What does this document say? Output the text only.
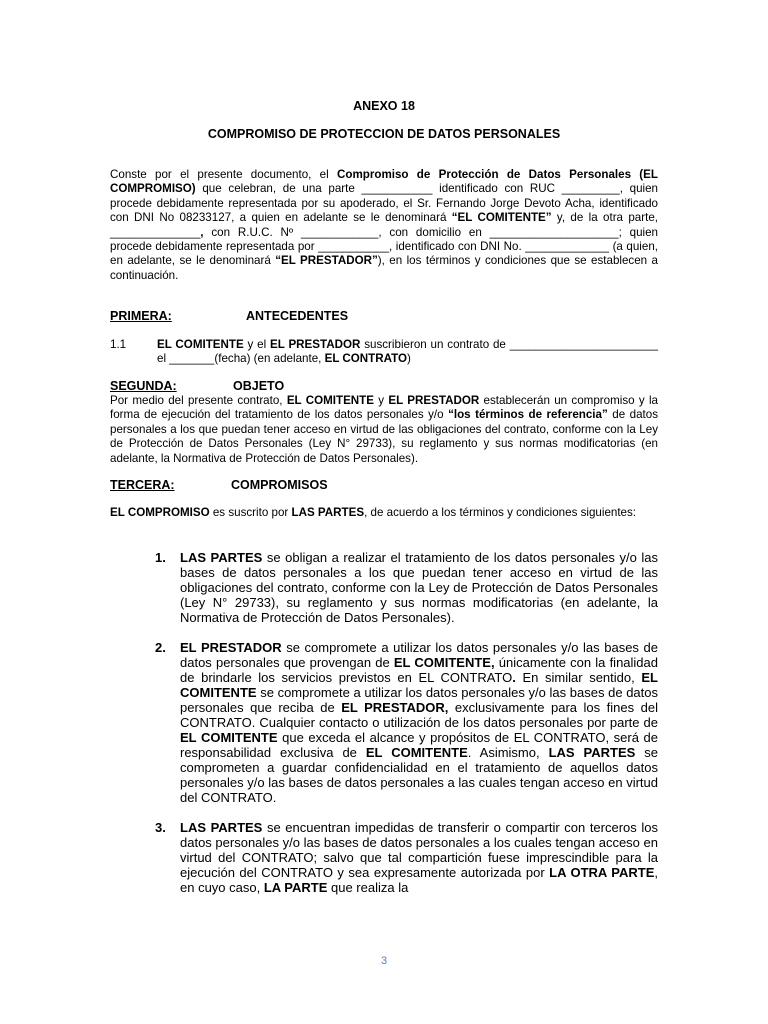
ANEXO 18
COMPROMISO DE PROTECCION DE DATOS PERSONALES

Conste por el presente documento, el Compromiso de Protección de Datos Personales (EL COMPROMISO) que celebran, de una parte ___________ identificado con RUC _________, quien procede debidamente representada por su apoderado, el Sr. Fernando Jorge Devoto Acha, identificado con DNI No 08233127, a quien en adelante se le denominará “EL COMITENTE” y, de la otra parte, ______________, con R.U.C. Nº ____________, con domicilio en ____________________; quien procede debidamente representada por ___________, identificado con DNI No. _____________ (a quien, en adelante, se le denominará “EL PRESTADOR”), en los términos y condiciones que se establecen a continuación.

PRIMERA:	ANTECEDENTES
1.1	EL COMITENTE y el EL PRESTADOR suscribieron un contrato de _______________________ el _______(fecha) (en adelante, EL CONTRATO)

SEGUNDA:	OBJETO

Por medio del presente contrato, EL COMITENTE y EL PRESTADOR establecerán un compromiso y la forma de ejecución del tratamiento de los datos personales y/o “los términos de referencia” de datos personales a los que puedan tener acceso en virtud de las obligaciones del contrato, conforme con la Ley de Protección de Datos Personales (Ley N° 29733), su reglamento y sus normas modificatorias (en adelante, la Normativa de Protección de Datos Personales).

TERCERA:	COMPROMISOS

EL COMPROMISO es suscrito por LAS PARTES, de acuerdo a los términos y condiciones siguientes:

1. LAS PARTES se obligan a realizar el tratamiento de los datos personales y/o las bases de datos personales a los que puedan tener acceso en virtud de las obligaciones del contrato, conforme con la Ley de Protección de Datos Personales (Ley N° 29733), su reglamento y sus normas modificatorias (en adelante, la Normativa de Protección de Datos Personales).
2. EL PRESTADOR se compromete a utilizar los datos personales y/o las bases de datos personales que provengan de EL COMITENTE, únicamente con la finalidad de brindarle los servicios previstos en EL CONTRATO. En similar sentido, EL COMITENTE se compromete a utilizar los datos personales y/o las bases de datos personales que reciba de EL PRESTADOR, exclusivamente para los fines del CONTRATO. Cualquier contacto o utilización de los datos personales por parte de EL COMITENTE que exceda el alcance y propósitos de EL CONTRATO, será de responsabilidad exclusiva de EL COMITENTE. Asimismo, LAS PARTES se comprometen a guardar confidencialidad en el tratamiento de aquellos datos personales y/o las bases de datos personales a las cuales tengan acceso en virtud del CONTRATO.
3. LAS PARTES se encuentran impedidas de transferir o compartir con terceros los datos personales y/o las bases de datos personales a los cuales tengan acceso en virtud del CONTRATO; salvo que tal compartición fuese imprescindible para la ejecución del CONTRATO y sea expresamente autorizada por LA OTRA PARTE, en cuyo caso, LA PARTE que realiza la
3
